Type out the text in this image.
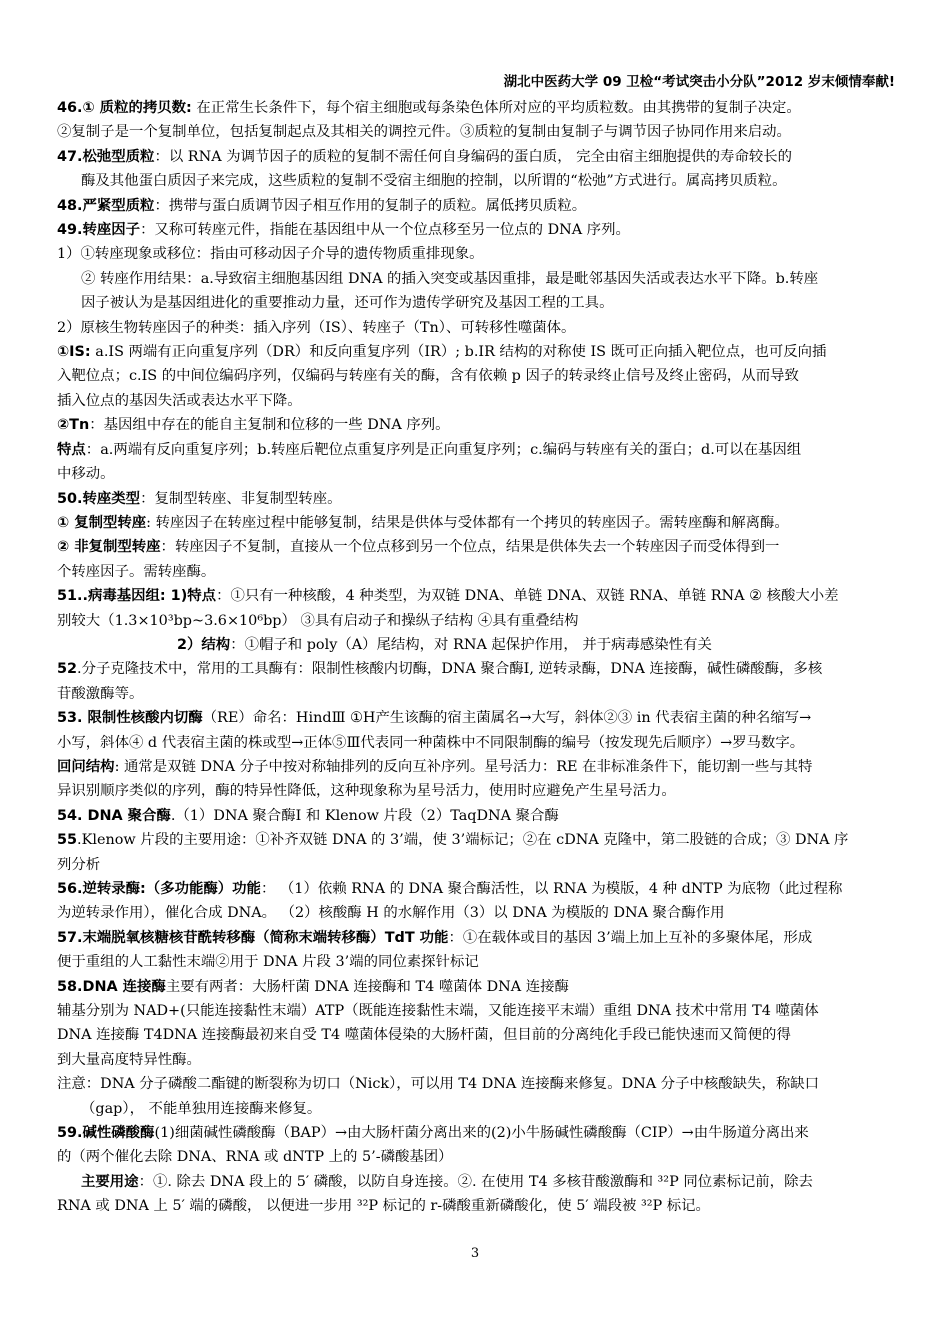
湖北中医药大学 09 卫检“考试突击小分队”2012 岁末倾情奉献!
46.① 质粒的拷贝数: 在正常生长条件下，每个宿主细胞或每条染色体所对应的平均质粒数。由其携带的复制子决定。
②复制子是一个复制单位，包括复制起点及其相关的调控元件。③质粒的复制由复制子与调节因子协同作用来启动。
47.松弛型质粒：以 RNA 为调节因子的质粒的复制不需任何自身编码的蛋白质， 完全由宿主细胞提供的寿命较长的
酶及其他蛋白质因子来完成，这些质粒的复制不受宿主细胞的控制，以所谓的“松弛”方式进行。属高拷贝质粒。
48.严紧型质粒：携带与蛋白质调节因子相互作用的复制子的质粒。属低拷贝质粒。
49.转座因子：又称可转座元件，指能在基因组中从一个位点移至另一位点的 DNA 序列。
1）①转座现象或移位：指由可移动因子介导的遗传物质重排现象。
② 转座作用结果：a.导致宿主细胞基因组 DNA 的插入突变或基因重排，最是毗邻基因失活或表达水平下降。b.转座
因子被认为是基因组进化的重要推动力量，还可作为遗传学研究及基因工程的工具。
2）原核生物转座因子的种类：插入序列（IS）、转座子（Tn）、可转移性噬菌体。
①IS: a.IS 两端有正向重复序列（DR）和反向重复序列（IR）; b.IR 结构的对称使 IS 既可正向插入靶位点，也可反向插
入靶位点；c.IS 的中间位编码序列，仅编码与转座有关的酶，含有依赖 p 因子的转录终止信号及终止密码，从而导致
插入位点的基因失活或表达水平下降。
②Tn：基因组中存在的能自主复制和位移的一些 DNA 序列。
特点：a.两端有反向重复序列；b.转座后靶位点重复序列是正向重复序列；c.编码与转座有关的蛋白；d.可以在基因组
中移动。
50.转座类型：复制型转座、非复制型转座。
① 复制型转座: 转座因子在转座过程中能够复制，结果是供体与受体都有一个拷贝的转座因子。需转座酶和解离酶。
② 非复制型转座：转座因子不复制，直接从一个位点移到另一个位点，结果是供体失去一个转座因子而受体得到一
个转座因子。需转座酶。
51..病毒基因组: 1)特点：①只有一种核酸，4 种类型，为双链 DNA、单链 DNA、双链 RNA、单链 RNA ② 核酸大小差
别较大（1.3×10³bp~3.6×10⁶bp） ③具有启动子和操纵子结构 ④具有重叠结构
2）结构：①帽子和 poly（A）尾结构，对 RNA 起保护作用， 并于病毒感染性有关
52.分子克隆技术中，常用的工具酶有：限制性核酸内切酶，DNA 聚合酶Ⅰ, 逆转录酶，DNA 连接酶，碱性磷酸酶，多核
苷酸激酶等。
53. 限制性核酸内切酶（RE）命名：HindⅢ ①H产生该酶的宿主菌属名→大写，斜体②③ in 代表宿主菌的种名缩写→
小写，斜体④ d 代表宿主菌的株或型→正体⑤Ⅲ代表同一种菌株中不同限制酶的编号（按发现先后顺序）→罗马数字。
回问结构: 通常是双链 DNA 分子中按对称轴排列的反向互补序列。星号活力：RE 在非标准条件下，能切割一些与其特
异识别顺序类似的序列，酶的特异性降低，这种现象称为星号活力，使用时应避免产生星号活力。
54. DNA 聚合酶.（1）DNA 聚合酶Ⅰ 和 Klenow 片段（2）TaqDNA 聚合酶
55.Klenow 片段的主要用途：①补齐双链 DNA 的 3’端，使 3’端标记；②在 cDNA 克隆中，第二股链的合成；③ DNA 序
列分析
56.逆转录酶:（多功能酶）功能： （1）依赖 RNA 的 DNA 聚合酶活性，以 RNA 为模版，4 种 dNTP 为底物（此过程称
为逆转录作用），催化合成 DNA。 （2）核酸酶 H 的水解作用（3）以 DNA 为模版的 DNA 聚合酶作用
57.末端脱氧核糖核苷酰转移酶（简称末端转移酶）TdT 功能：①在载体或目的基因 3’端上加上互补的多聚体尾，形成
便于重组的人工黏性末端②用于 DNA 片段 3’端的同位素探针标记
58.DNA 连接酶主要有两者：大肠杆菌 DNA 连接酶和 T4 噬菌体 DNA 连接酶
辅基分别为 NAD+(只能连接黏性末端）ATP（既能连接黏性末端，又能连接平末端）重组 DNA 技术中常用 T4 噬菌体
DNA 连接酶 T4DNA 连接酶最初来自受 T4 噬菌体侵染的大肠杆菌，但目前的分离纯化手段已能快速而又简便的得
到大量高度特异性酶。
注意：DNA 分子磷酸二酯键的断裂称为切口（Nick），可以用 T4 DNA 连接酶来修复。DNA 分子中核酸缺失，称缺口
（gap）， 不能单独用连接酶来修复。
59.碱性磷酸酶(1)细菌碱性磷酸酶（BAP）→由大肠杆菌分离出来的(2)小牛肠碱性磷酸酶（CIP）→由牛肠道分离出来
的（两个催化去除 DNA、RNA 或 dNTP 上的 5’-磷酸基团）
主要用途：①. 除去 DNA 段上的 5′ 磷酸，以防自身连接。②. 在使用 T4 多核苷酸激酶和 ³²P 同位素标记前，除去
RNA 或 DNA 上 5′ 端的磷酸， 以便进一步用 ³²P 标记的 r-磷酸重新磷酸化，使 5′ 端段被 ³²P 标记。
3
